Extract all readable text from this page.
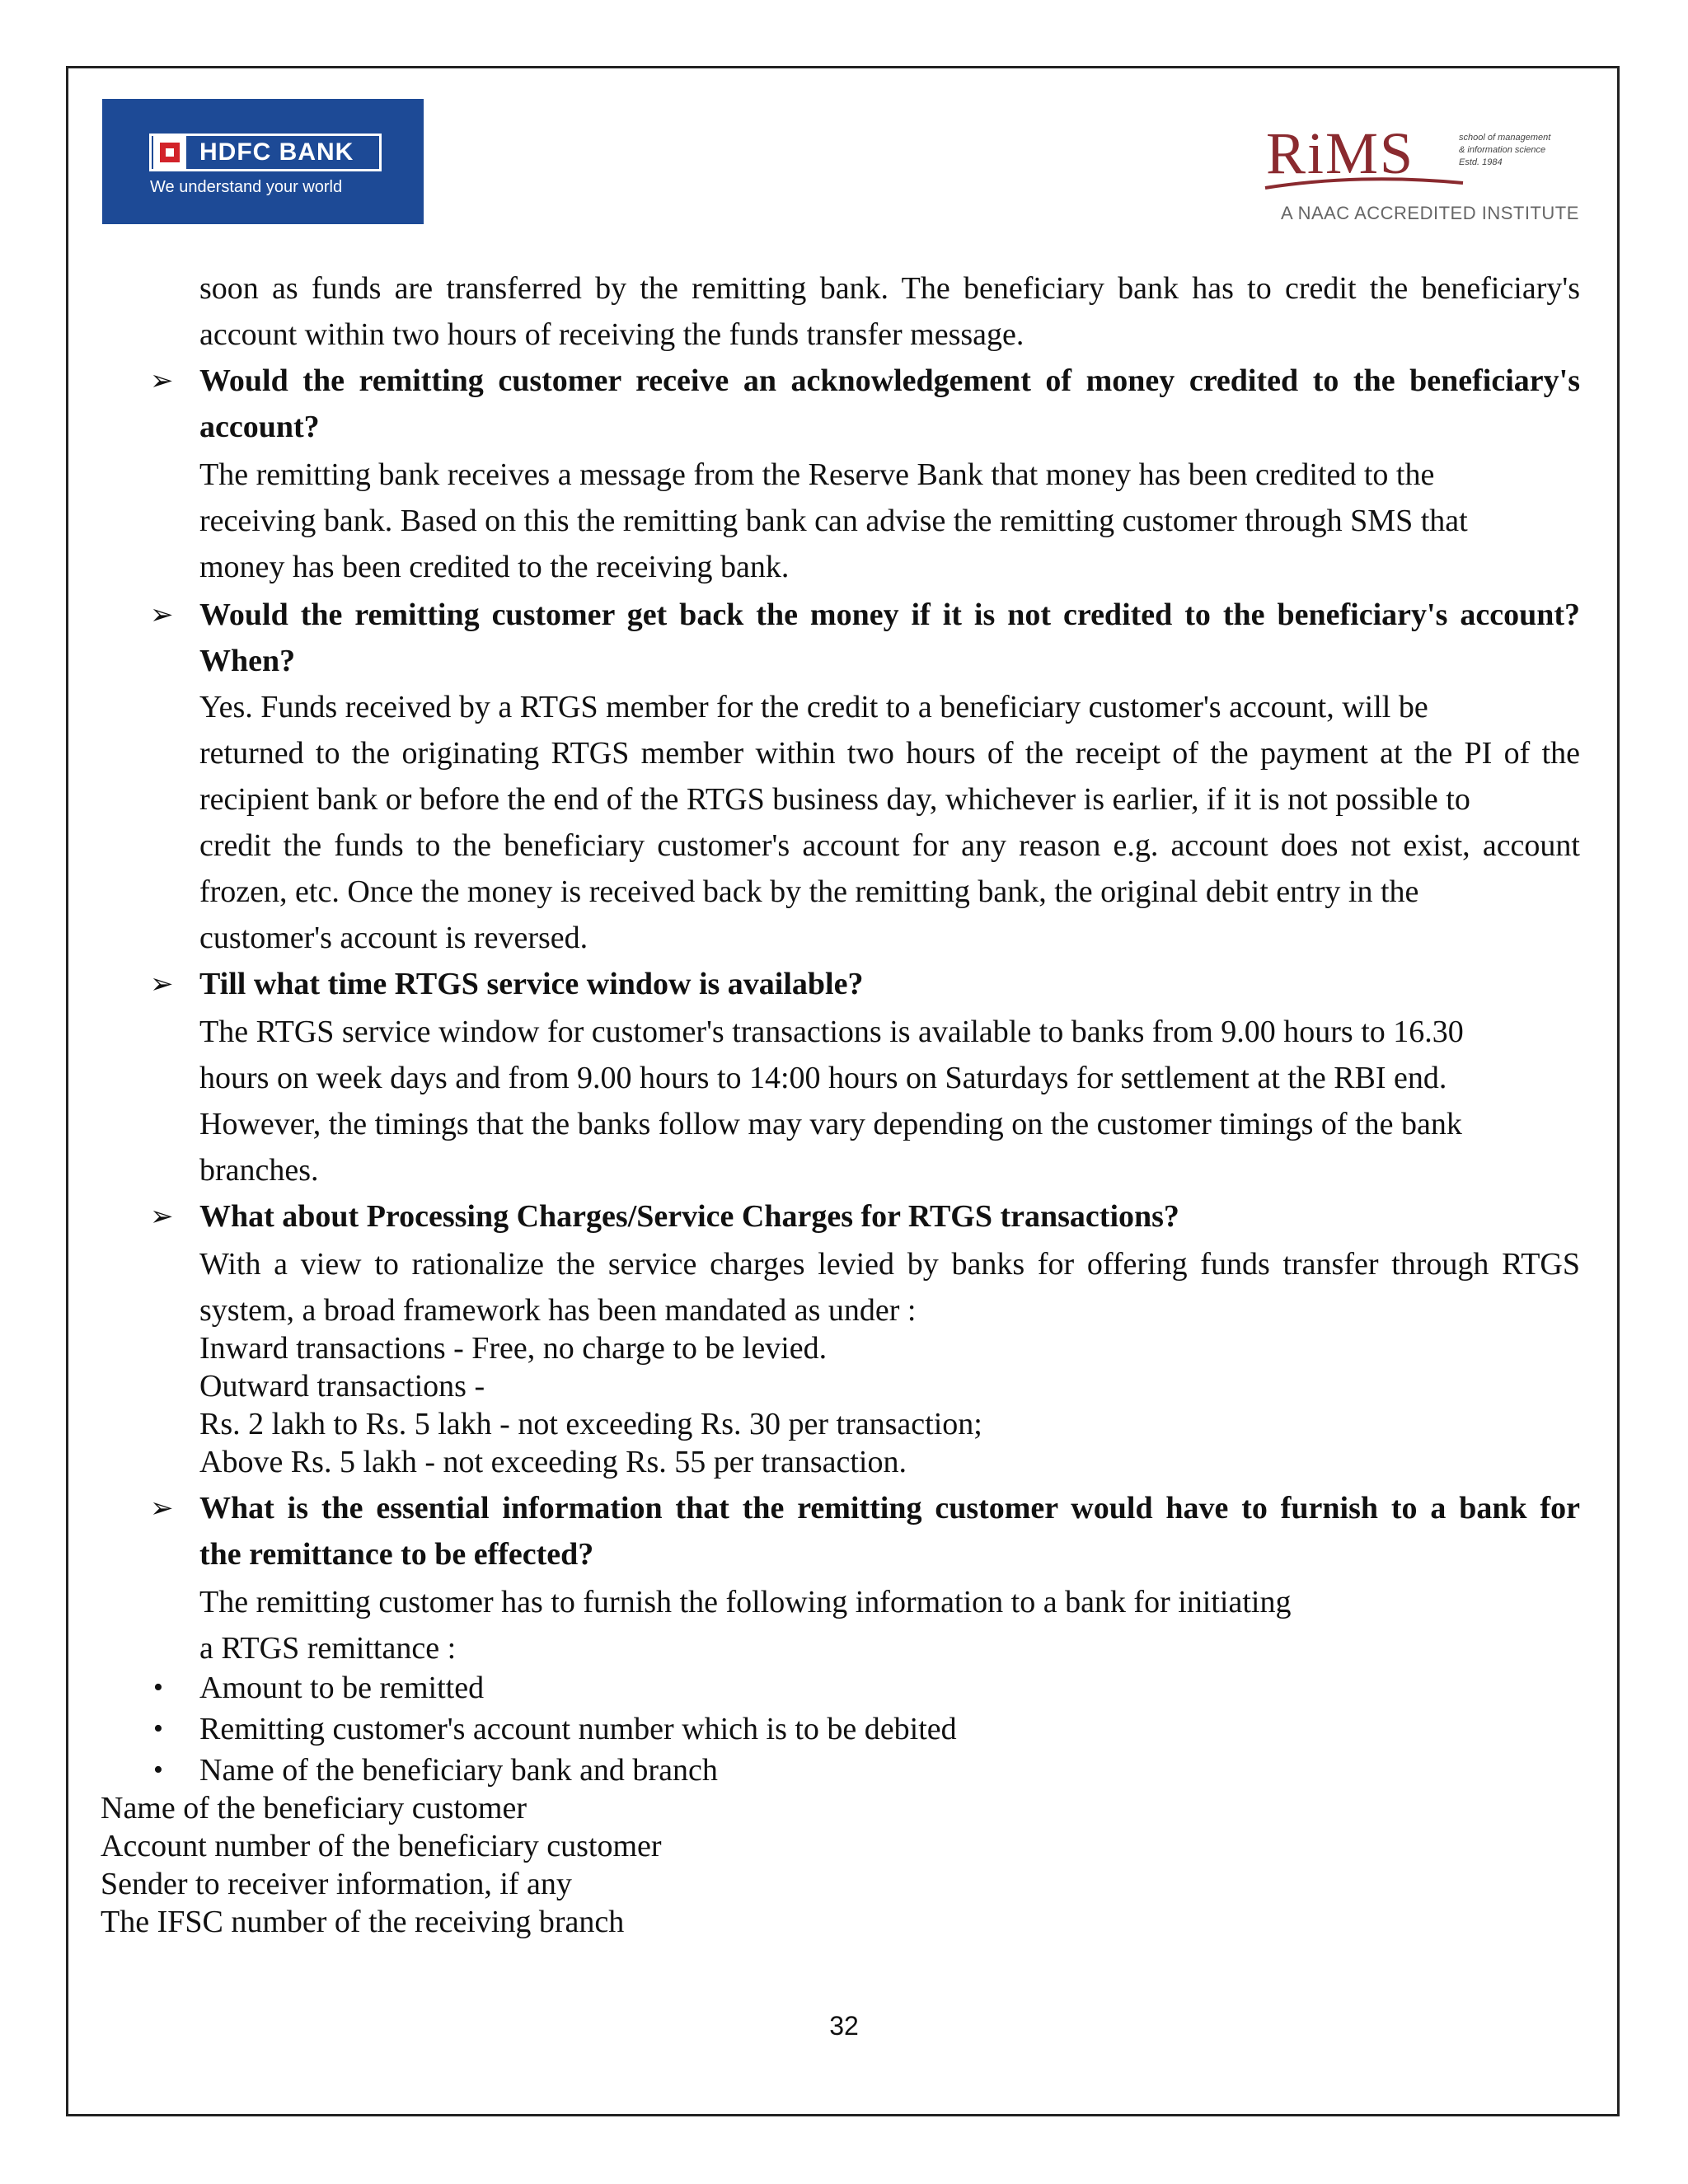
HDFC BANK
We understand your world
RiMS	school of management
& information science
Estd. 1984
A NAAC ACCREDITED INSTITUTE
soon as funds are transferred by the remitting bank. The beneficiary bank has to credit the beneficiary's
account within two hours of receiving the funds transfer message.
➢ Would the remitting customer receive an acknowledgement of money credited to the beneficiary's
account?
The remitting bank receives a message from the Reserve Bank that money has been credited to the
receiving bank. Based on this the remitting bank can advise the remitting customer through SMS that
money has been credited to the receiving bank.
➢ Would the remitting customer get back the money if it is not credited to the beneficiary's account?
When?
Yes. Funds received by a RTGS member for the credit to a beneficiary customer's account, will be
returned to the originating RTGS member within two hours of the receipt of the payment at the PI of the
recipient bank or before the end of the RTGS business day, whichever is earlier, if it is not possible to
credit the funds to the beneficiary customer's account for any reason e.g. account does not exist, account
frozen, etc. Once the money is received back by the remitting bank, the original debit entry in the
customer's account is reversed.
➢ Till what time RTGS service window is available?
The RTGS service window for customer's transactions is available to banks from 9.00 hours to 16.30
hours on week days and from 9.00 hours to 14:00 hours on Saturdays for settlement at the RBI end.
However, the timings that the banks follow may vary depending on the customer timings of the bank
branches.
➢ What about Processing Charges/Service Charges for RTGS transactions?
With a view to rationalize the service charges levied by banks for offering funds transfer through RTGS
system, a broad framework has been mandated as under :
Inward transactions - Free, no charge to be levied.
Outward transactions -
Rs. 2 lakh to Rs. 5 lakh - not exceeding Rs. 30 per transaction;
Above Rs. 5 lakh - not exceeding Rs. 55 per transaction.
➢ What is the essential information that the remitting customer would have to furnish to a bank for
the remittance to be effected?
The remitting customer has to furnish the following information to a bank for initiating
a RTGS remittance :
• Amount to be remitted
• Remitting customer's account number which is to be debited
• Name of the beneficiary bank and branch
Name of the beneficiary customer
Account number of the beneficiary customer
Sender to receiver information, if any
The IFSC number of the receiving branch
32
